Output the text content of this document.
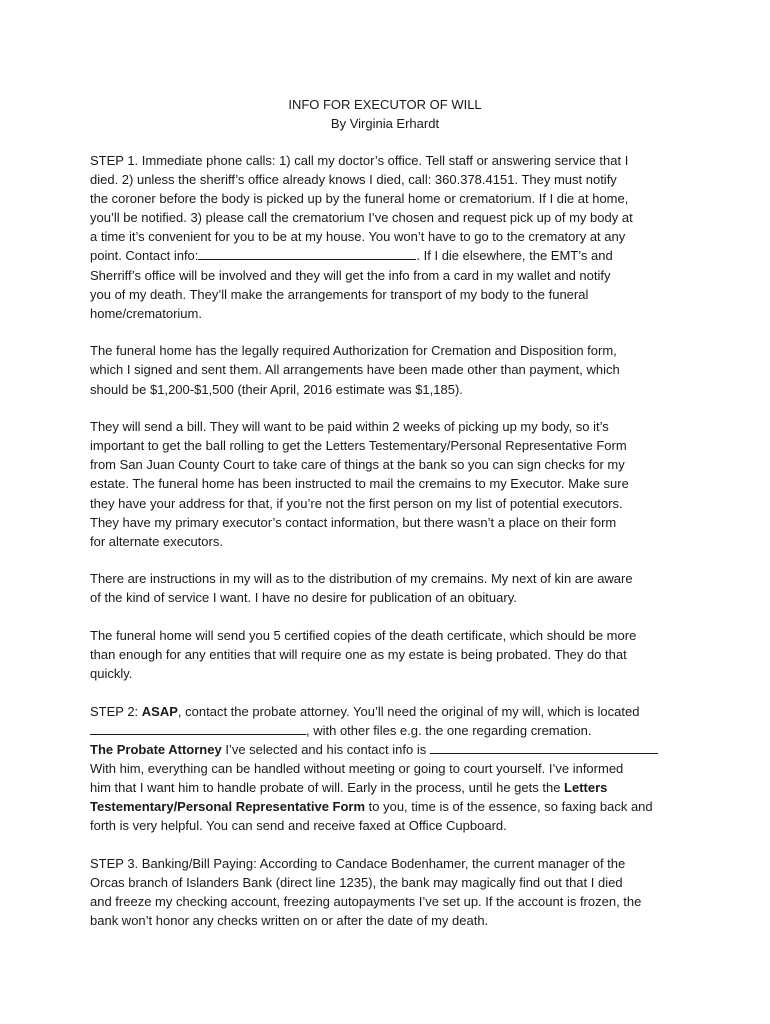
INFO FOR EXECUTOR OF WILL
By Virginia Erhardt

STEP 1. Immediate phone calls: 1) call my doctor’s office. Tell staff or answering service that I
died. 2) unless the sheriff’s office already knows I died, call: 360.378.4151. They must notify
the coroner before the body is picked up by the funeral home or crematorium. If I die at home,
you’ll be notified. 3) please call the crematorium I’ve chosen and request pick up of my body at
a time it’s convenient for you to be at my house. You won’t have to go to the crematory at any
point. Contact info:	. If I die elsewhere, the EMT’s and
Sherriff’s office will be involved and they will get the info from a card in my wallet and notify
you of my death. They’ll make the arrangements for transport of my body to the funeral
home/crematorium.

The funeral home has the legally required Authorization for Cremation and Disposition form,
which I signed and sent them. All arrangements have been made other than payment, which
should be $1,200-$1,500 (their April, 2016 estimate was $1,185).

They will send a bill. They will want to be paid within 2 weeks of picking up my body, so it’s
important to get the ball rolling to get the Letters Testementary/Personal Representative Form
from San Juan County Court to take care of things at the bank so you can sign checks for my
estate. The funeral home has been instructed to mail the cremains to my Executor. Make sure
they have your address for that, if you’re not the first person on my list of potential executors.
They have my primary executor’s contact information, but there wasn’t a place on their form
for alternate executors.

There are instructions in my will as to the distribution of my cremains. My next of kin are aware
of the kind of service I want. I have no desire for publication of an obituary.

The funeral home will send you 5 certified copies of the death certificate, which should be more
than enough for any entities that will require one as my estate is being probated. They do that
quickly.

STEP 2: ASAP, contact the probate attorney. You’ll need the original of my will, which is located
, with other files e.g. the one regarding cremation.
The Probate Attorney I’ve selected and his contact info is
With him, everything can be handled without meeting or going to court yourself. I’ve informed
him that I want him to handle probate of will. Early in the process, until he gets the Letters
Testementary/Personal Representative Form to you, time is of the essence, so faxing back and
forth is very helpful. You can send and receive faxed at Office Cupboard.

STEP 3. Banking/Bill Paying: According to Candace Bodenhamer, the current manager of the
Orcas branch of Islanders Bank (direct line 1235), the bank may magically find out that I died
and freeze my checking account, freezing autopayments I’ve set up. If the account is frozen, the
bank won’t honor any checks written on or after the date of my death.
